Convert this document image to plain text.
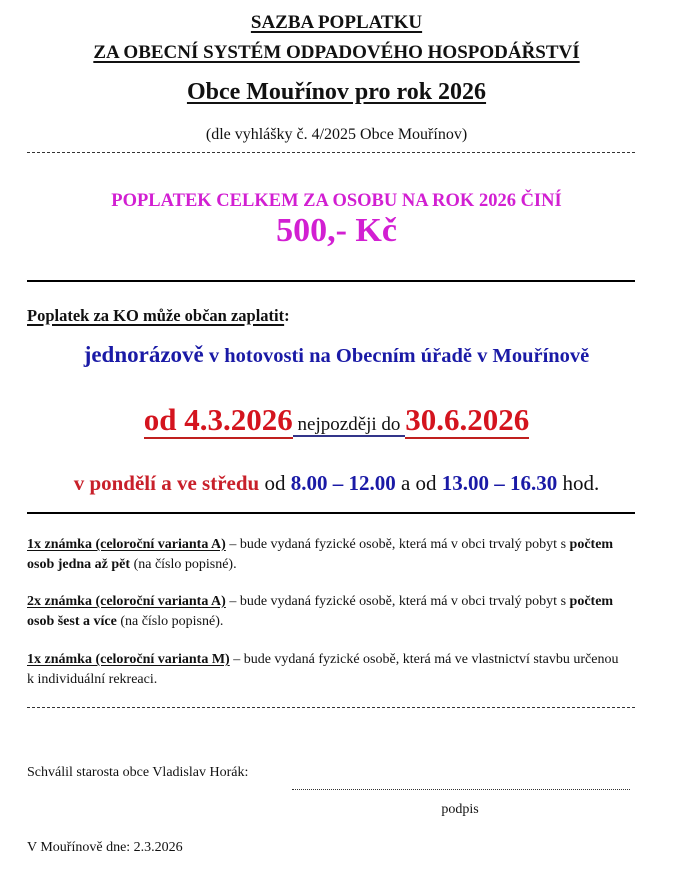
SAZBA POPLATKU
ZA OBECNÍ SYSTÉM ODPADOVÉHO HOSPODÁŘSTVÍ
Obce Mouřínov pro rok 2026
(dle vyhlášky č. 4/2025 Obce Mouřínov)
POPLATEK CELKEM ZA OSOBU NA ROK 2026 ČINÍ
500,- Kč
Poplatek za KO může občan zaplatit:
jednorázově v hotovosti na Obecním úřadě v Mouřínově
od 4.3.2026 nejpozději do 30.6.2026
v pondělí a ve středu od 8.00 – 12.00 a od 13.00 – 16.30 hod.
1x známka (celoroční varianta A) – bude vydaná fyzické osobě, která má v obci trvalý pobyt s počtem osob jedna až pět (na číslo popisné).
2x známka (celoroční varianta A) – bude vydaná fyzické osobě, která má v obci trvalý pobyt s počtem osob šest a více (na číslo popisné).
1x známka (celoroční varianta M) – bude vydaná fyzické osobě, která má ve vlastnictví stavbu určenou k individuální rekreaci.
Schválil starosta obce Vladislav Horák:
podpis
V Mouřínově dne: 2.3.2026
